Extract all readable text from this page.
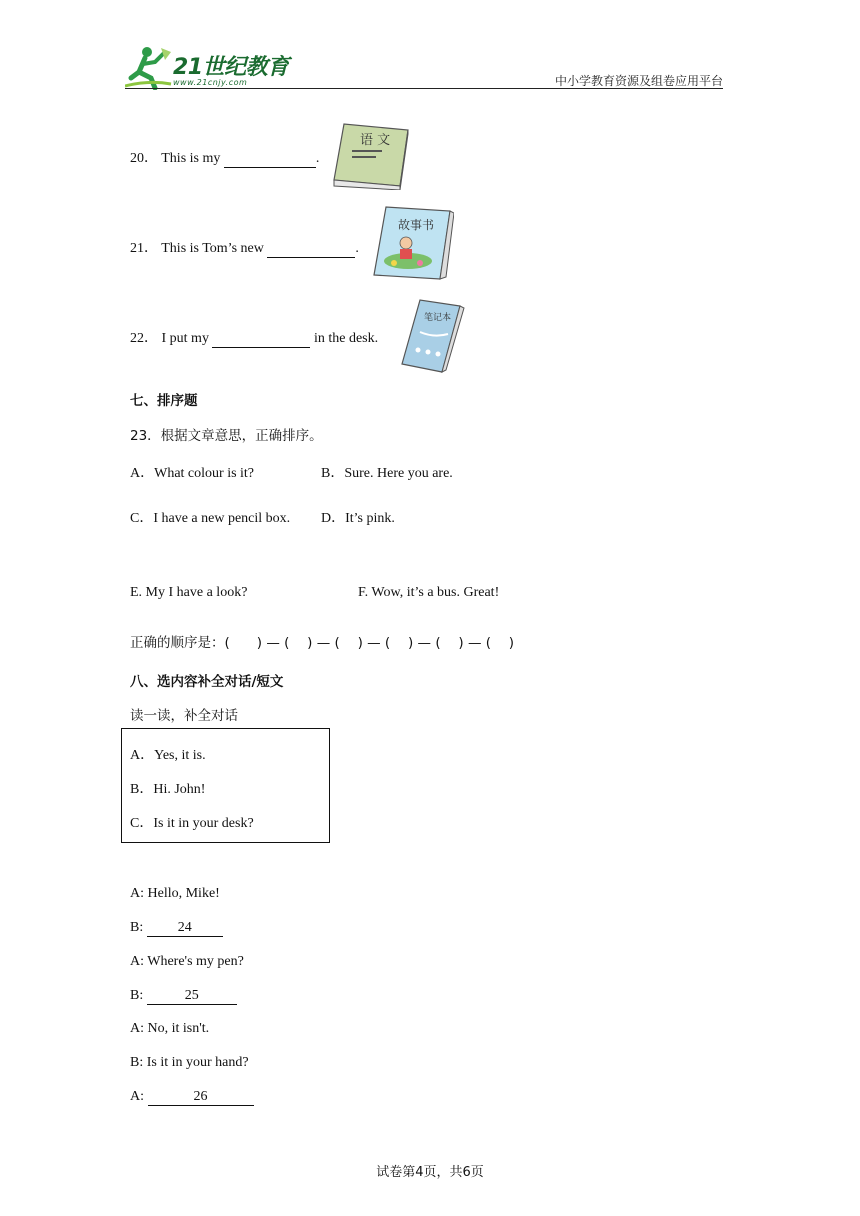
21世纪教育
www.21cnjy.com	中小学教育资源及组卷应用平台
20． This is my	.
语 文
21． This is Tom’s new	.
故事书
22． I put my	in the desk.
笔记本
七、排序题
23．根据文章意思，正确排序。
A．What colour is it?	B．Sure. Here you are.
C．I have a new pencil box. D．It’s pink.
E. My I have a look?	F. Wow, it’s a bus. Great!
正确的顺序是：(　　) — (　 ) — (　 ) — (　 ) — (　 ) — (　 )
八、选内容补全对话/短文
读一读，补全对话
A．Yes, it is.
B．Hi. John!
C．Is it in your desk?
A: Hello, Mike!
B: 24
A: Where's my pen?
B:	25
A: No, it isn't.
B: Is it in your hand?
A:	26
试卷第4页，共6页
